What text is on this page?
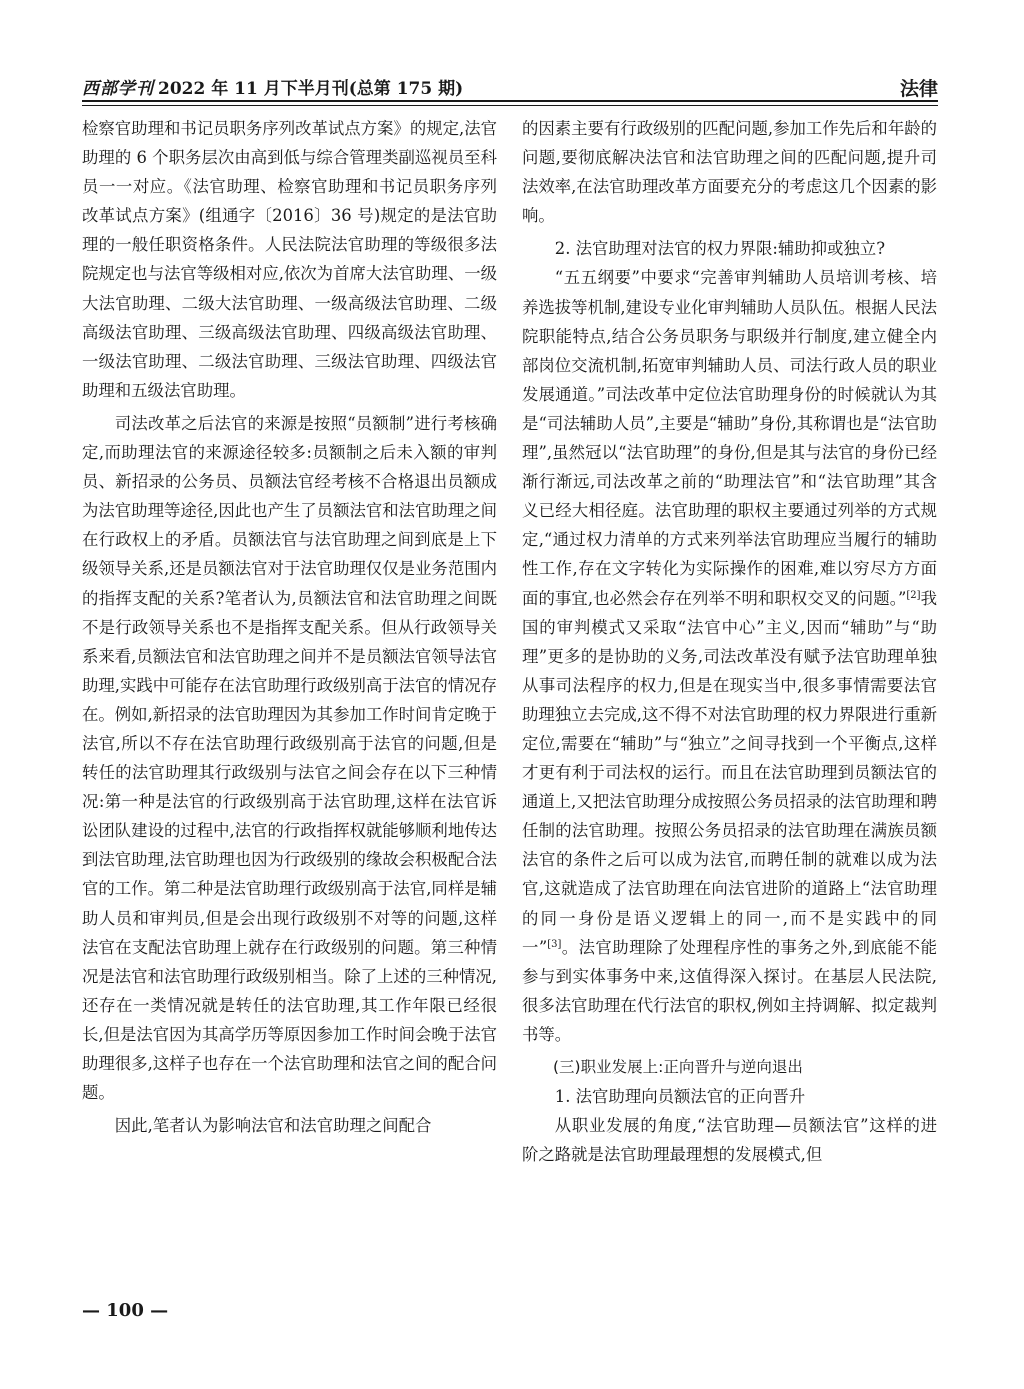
西部学刊 2022 年 11 月下半月刊(总第 175 期)	法律

检察官助理和书记员职务序列改革试点方案》的规定,法官助理的 6 个职务层次由高到低与综合管理类副巡视员至科员一一对应。《法官助理、检察官助理和书记员职务序列改革试点方案》(组通字〔2016〕36 号)规定的是法官助理的一般任职资格条件。人民法院法官助理的等级很多法院规定也与法官等级相对应,依次为首席大法官助理、一级大法官助理、二级大法官助理、一级高级法官助理、二级高级法官助理、三级高级法官助理、四级高级法官助理、一级法官助理、二级法官助理、三级法官助理、四级法官助理和五级法官助理。

司法改革之后法官的来源是按照“员额制”进行考核确定,而助理法官的来源途径较多:员额制之后未入额的审判员、新招录的公务员、员额法官经考核不合格退出员额成为法官助理等途径,因此也产生了员额法官和法官助理之间在行政权上的矛盾。员额法官与法官助理之间到底是上下级领导关系,还是员额法官对于法官助理仅仅是业务范围内的指挥支配的关系?笔者认为,员额法官和法官助理之间既不是行政领导关系也不是指挥支配关系。但从行政领导关系来看,员额法官和法官助理之间并不是员额法官领导法官助理,实践中可能存在法官助理行政级别高于法官的情况存在。例如,新招录的法官助理因为其参加工作时间肯定晚于法官,所以不存在法官助理行政级别高于法官的问题,但是转任的法官助理其行政级别与法官之间会存在以下三种情况:第一种是法官的行政级别高于法官助理,这样在法官诉讼团队建设的过程中,法官的行政指挥权就能够顺利地传达到法官助理,法官助理也因为行政级别的缘故会积极配合法官的工作。第二种是法官助理行政级别高于法官,同样是辅助人员和审判员,但是会出现行政级别不对等的问题,这样法官在支配法官助理上就存在行政级别的问题。第三种情况是法官和法官助理行政级别相当。除了上述的三种情况,还存在一类情况就是转任的法官助理,其工作年限已经很长,但是法官因为其高学历等原因参加工作时间会晚于法官助理很多,这样子也存在一个法官助理和法官之间的配合问题。

因此,笔者认为影响法官和法官助理之间配合

的因素主要有行政级别的匹配问题,参加工作先后和年龄的问题,要彻底解决法官和法官助理之间的匹配问题,提升司法效率,在法官助理改革方面要充分的考虑这几个因素的影响。

2. 法官助理对法官的权力界限:辅助抑或独立?

“五五纲要”中要求“完善审判辅助人员培训考核、培养选拔等机制,建设专业化审判辅助人员队伍。根据人民法院职能特点,结合公务员职务与职级并行制度,建立健全内部岗位交流机制,拓宽审判辅助人员、司法行政人员的职业发展通道。”司法改革中定位法官助理身份的时候就认为其是“司法辅助人员”,主要是“辅助”身份,其称谓也是“法官助理”,虽然冠以“法官助理”的身份,但是其与法官的身份已经渐行渐远,司法改革之前的“助理法官”和“法官助理”其含义已经大相径庭。法官助理的职权主要通过列举的方式规定,“通过权力清单的方式来列举法官助理应当履行的辅助性工作,存在文字转化为实际操作的困难,难以穷尽方方面面的事宜,也必然会存在列举不明和职权交叉的问题。”[2]我国的审判模式又采取“法官中心”主义,因而“辅助”与“助理”更多的是协助的义务,司法改革没有赋予法官助理单独从事司法程序的权力,但是在现实当中,很多事情需要法官助理独立去完成,这不得不对法官助理的权力界限进行重新定位,需要在“辅助”与“独立”之间寻找到一个平衡点,这样才更有利于司法权的运行。而且在法官助理到员额法官的通道上,又把法官助理分成按照公务员招录的法官助理和聘任制的法官助理。按照公务员招录的法官助理在满族员额法官的条件之后可以成为法官,而聘任制的就难以成为法官,这就造成了法官助理在向法官进阶的道路上“法官助理的同一身份是语义逻辑上的同一,而不是实践中的同一”[3]。法官助理除了处理程序性的事务之外,到底能不能参与到实体事务中来,这值得深入探讨。在基层人民法院,很多法官助理在代行法官的职权,例如主持调解、拟定裁判书等。

(三)职业发展上:正向晋升与逆向退出

1. 法官助理向员额法官的正向晋升

从职业发展的角度,“法官助理—员额法官”这样的进阶之路就是法官助理最理想的发展模式,但

— 100 —
